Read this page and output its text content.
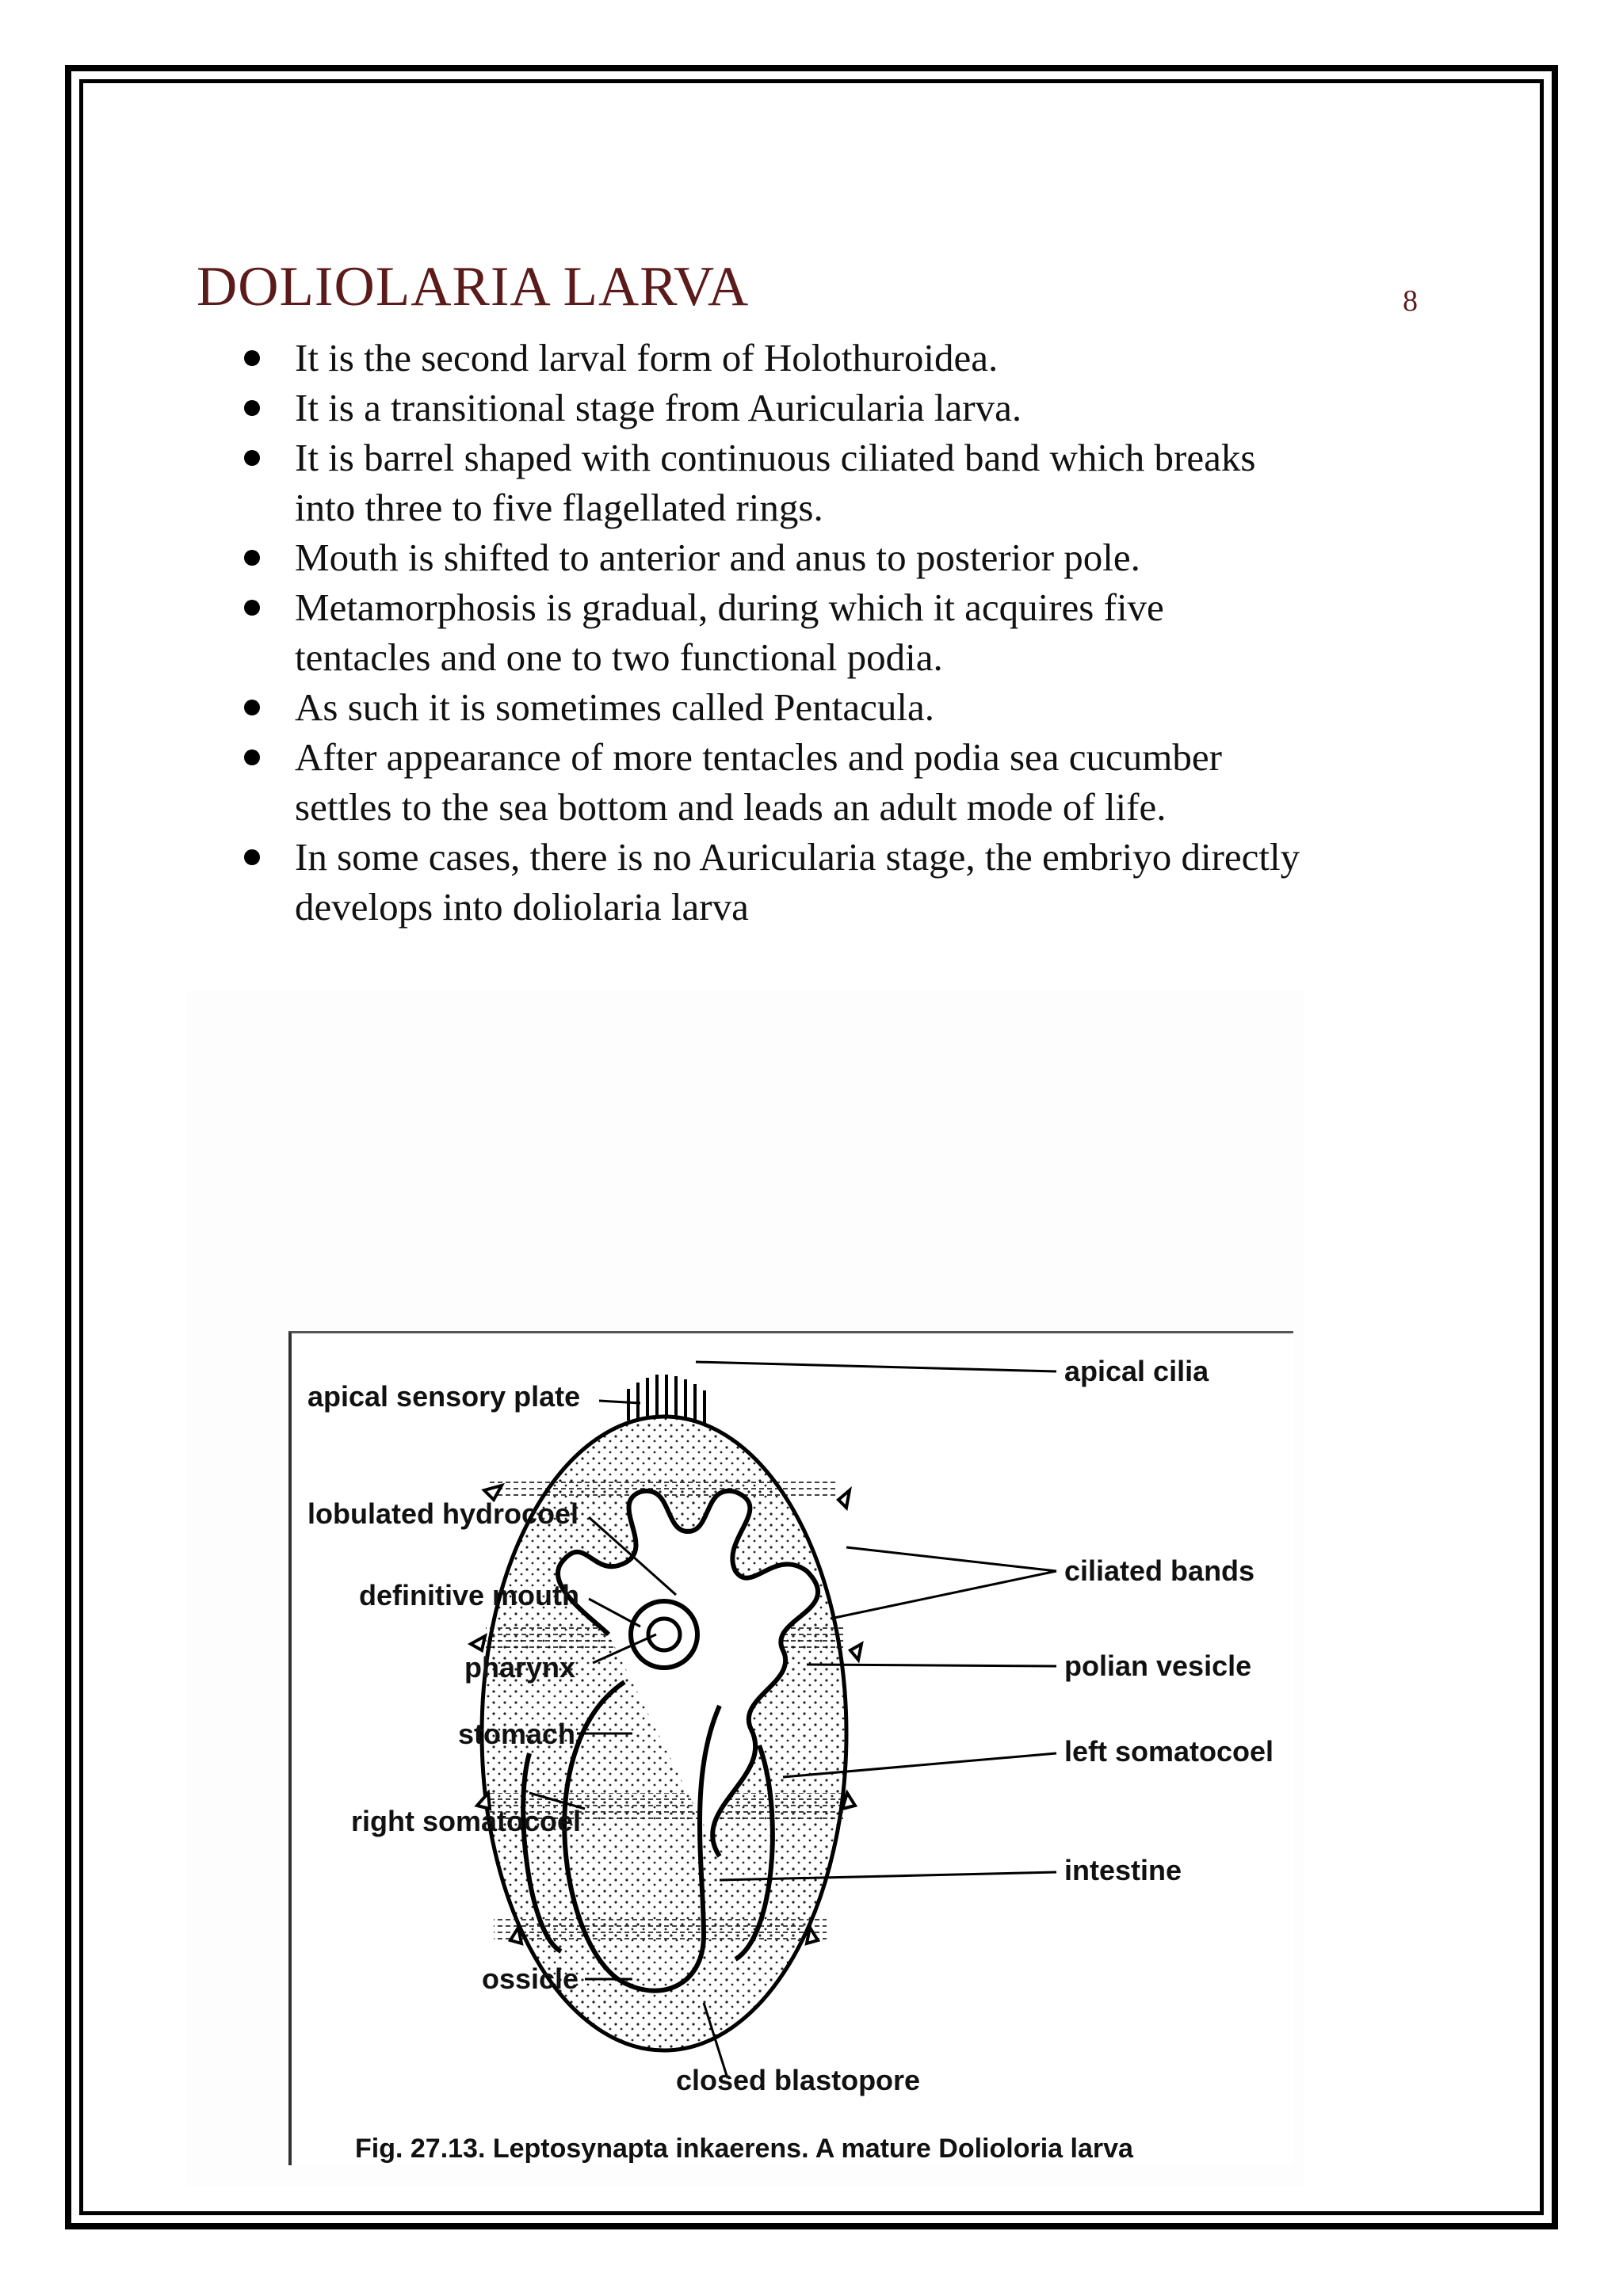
DOLIOLARIA LARVA	8
It is the second larval form of Holothuroidea.
It is a transitional stage from Auricularia larva.
It is barrel shaped with continuous ciliated band which breaks
into three to five flagellated rings.
Mouth is shifted to anterior and anus to posterior pole.
Metamorphosis is gradual, during which it acquires five
tentacles and one to two functional podia.
As such it is sometimes called Pentacula.
After appearance of more tentacles and podia sea cucumber
settles to the sea bottom and leads an adult mode of life.
In some cases, there is no Auricularia stage, the embriyo directly
develops into doliolaria larva
apical sensory plate
lobulated hydrocoel
definitive mouth
pharynx
stomach
right somatocoel
ossicle
closed blastopore
apical cilia
ciliated bands
polian vesicle
left somatocoel
intestine
Fig. 27.13. Leptosynapta inkaerens. A mature Dolioloria larva
